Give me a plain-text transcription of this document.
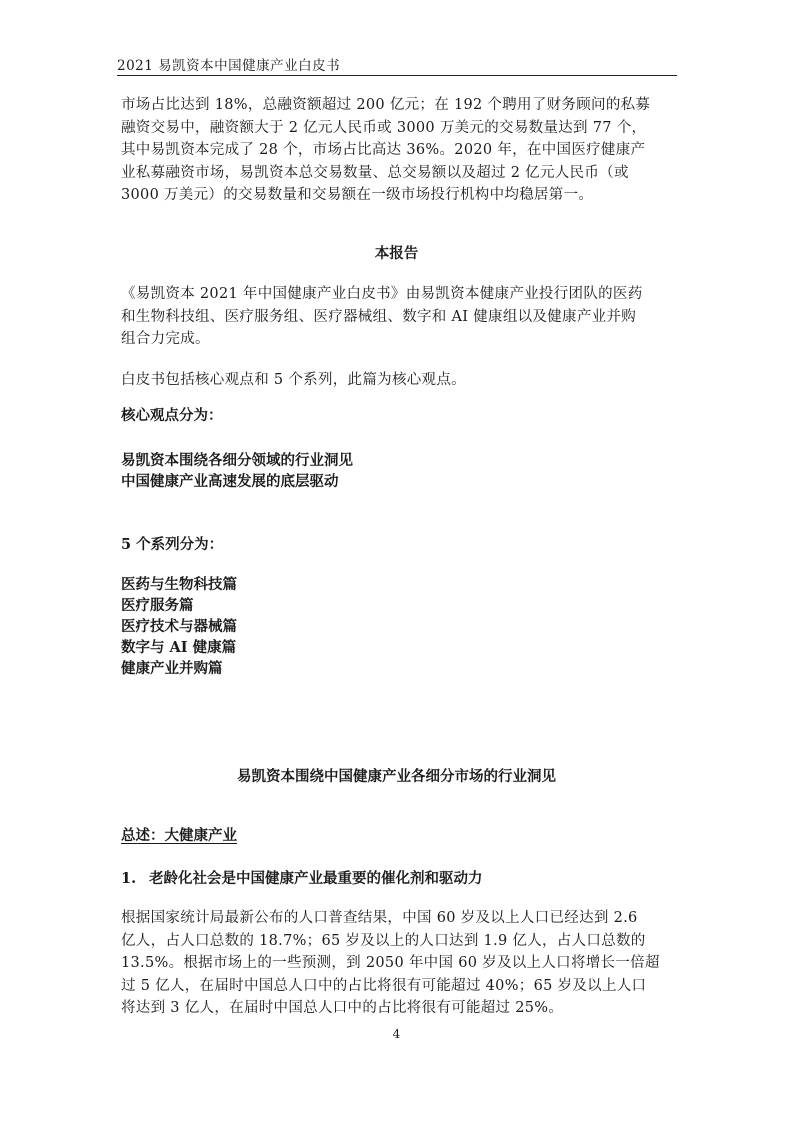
2021 易凯资本中国健康产业白皮书
市场占比达到 18%，总融资额超过 200 亿元；在 192 个聘用了财务顾问的私募
融资交易中，融资额大于 2 亿元人民币或 3000 万美元的交易数量达到 77 个，
其中易凯资本完成了 28 个，市场占比高达 36%。2020 年，在中国医疗健康产
业私募融资市场，易凯资本总交易数量、总交易额以及超过 2 亿元人民币（或
3000 万美元）的交易数量和交易额在一级市场投行机构中均稳居第一。
本报告
《易凯资本 2021 年中国健康产业白皮书》由易凯资本健康产业投行团队的医药
和生物科技组、医疗服务组、医疗器械组、数字和 AI 健康组以及健康产业并购
组合力完成。
白皮书包括核心观点和 5 个系列，此篇为核心观点。
核心观点分为：
易凯资本围绕各细分领域的行业洞见
中国健康产业高速发展的底层驱动
5 个系列分为：
医药与生物科技篇
医疗服务篇
医疗技术与器械篇
数字与 AI 健康篇
健康产业并购篇
易凯资本围绕中国健康产业各细分市场的行业洞见
总述：大健康产业
1. 老龄化社会是中国健康产业最重要的催化剂和驱动力
根据国家统计局最新公布的人口普查结果，中国 60 岁及以上人口已经达到 2.6
亿人，占人口总数的 18.7%；65 岁及以上的人口达到 1.9 亿人，占人口总数的
13.5%。根据市场上的一些预测，到 2050 年中国 60 岁及以上人口将增长一倍超
过 5 亿人，在届时中国总人口中的占比将很有可能超过 40%；65 岁及以上人口
将达到 3 亿人，在届时中国总人口中的占比将很有可能超过 25%。
4
